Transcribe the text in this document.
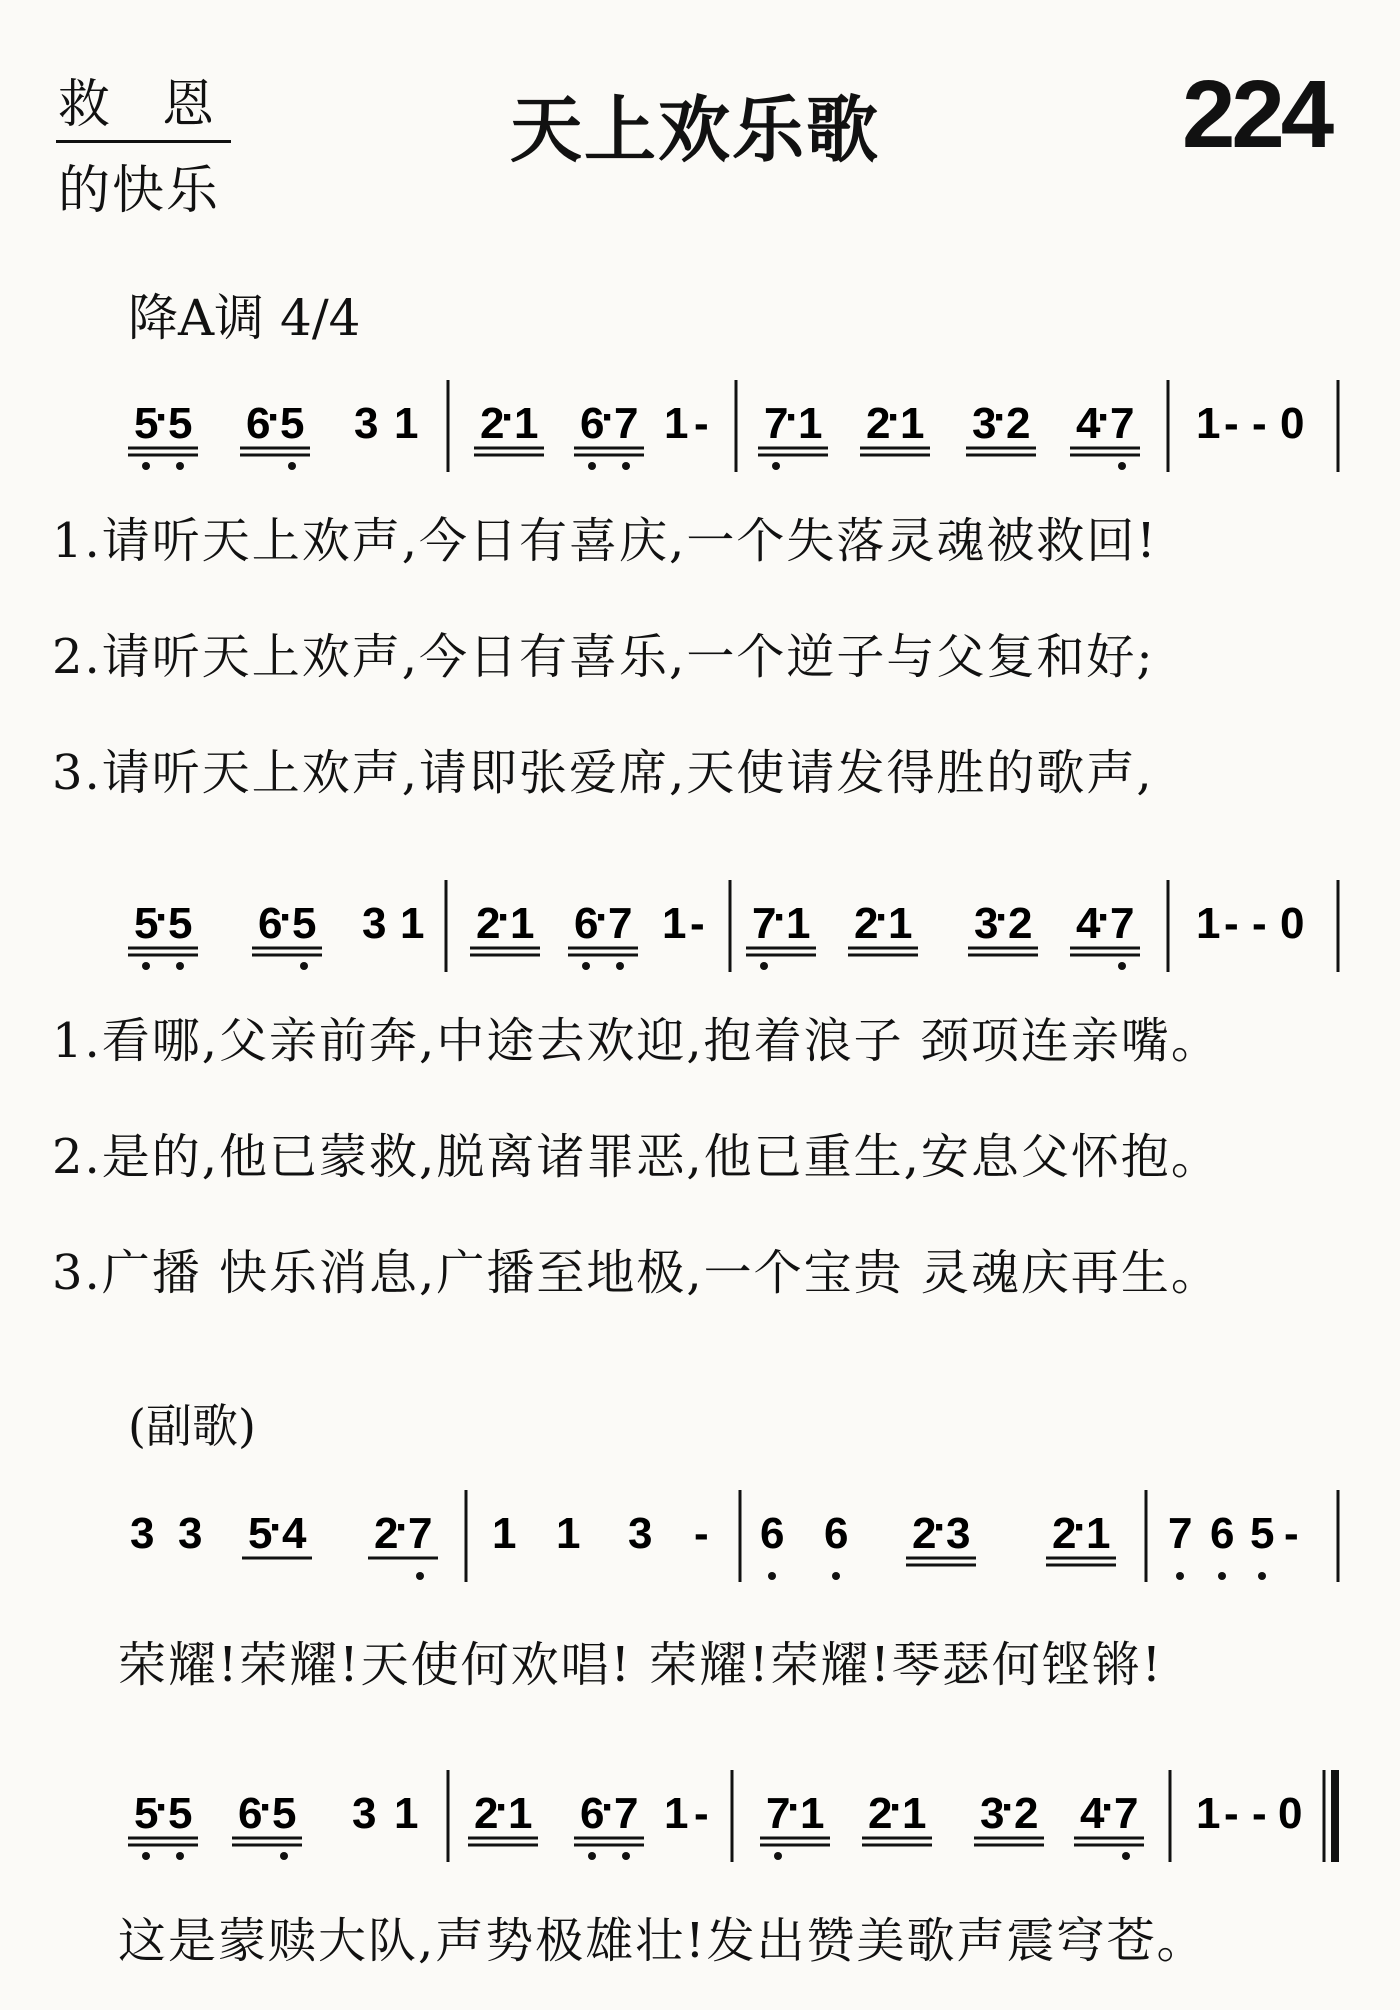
救恩
的快乐
天上欢乐歌	224
降A调 4/4
5
·
5 6
·
5 3 1 2
·
1 6
·
7 1 - 7
·
1 2
·
1 3
·
2 4
·
7 1 - - 0
1.请听天上欢声,今日有喜庆,一个失落灵魂被救回!
2.请听天上欢声,今日有喜乐,一个逆子与父复和好;
3.请听天上欢声,请即张爱席,天使请发得胜的歌声,
5
·
5 6
·
5 3 1 2
·
1 6
·
7 1 - 7
·
1 2
·
1 3
·
2 4
·
7 1 - - 0
1.看哪,父亲前奔,中途去欢迎,抱着浪子 颈项连亲嘴。
2.是的,他已蒙救,脱离诸罪恶,他已重生,安息父怀抱。
3.广播 快乐消息,广播至地极,一个宝贵 灵魂庆再生。
(副歌)
3 3 5
·
4 2
·
7 1 1 3 - 6 6 2
·
3 2
·
1 7 6 5 -
荣耀!荣耀!天使何欢唱! 荣耀!荣耀!琴瑟何铿锵!
5
·
5 6
·
5 3 1 2
·
1 6
·
7 1 - 7
·
1 2
·
1 3
·
2 4
·
7 1 - - 0
这是蒙赎大队,声势极雄壮!发出赞美歌声震穹苍。
